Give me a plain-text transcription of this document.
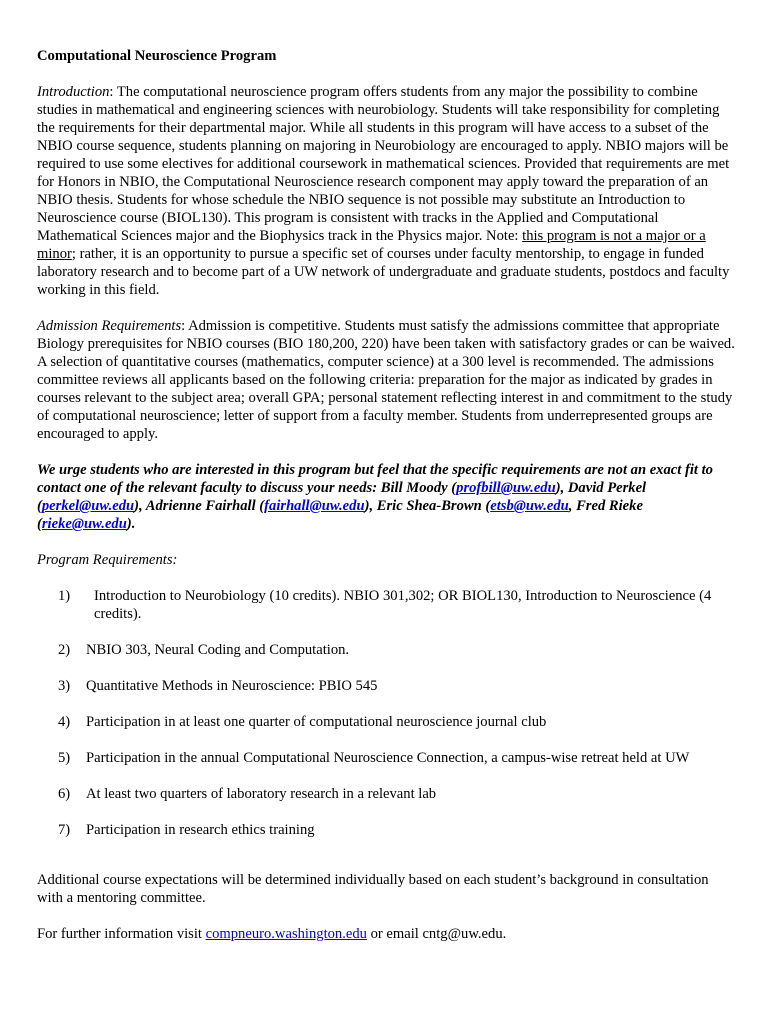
Computational Neuroscience Program

Introduction: The computational neuroscience program offers students from any major the possibility to combine studies in mathematical and engineering sciences with neurobiology. Students will take responsibility for completing the requirements for their departmental major. While all students in this program will have access to a subset of the NBIO course sequence, students planning on majoring in Neurobiology are encouraged to apply. NBIO majors will be required to use some electives for additional coursework in mathematical sciences. Provided that requirements are met for Honors in NBIO, the Computational Neuroscience research component may apply toward the preparation of an NBIO thesis. Students for whose schedule the NBIO sequence is not possible may substitute an Introduction to Neuroscience course (BIOL130). This program is consistent with tracks in the Applied and Computational Mathematical Sciences major and the Biophysics track in the Physics major. Note: this program is not a major or a minor; rather, it is an opportunity to pursue a specific set of courses under faculty mentorship, to engage in funded laboratory research and to become part of a UW network of undergraduate and graduate students, postdocs and faculty working in this field.

Admission Requirements: Admission is competitive. Students must satisfy the admissions committee that appropriate Biology prerequisites for NBIO courses (BIO 180,200, 220) have been taken with satisfactory grades or can be waived. A selection of quantitative courses (mathematics, computer science) at a 300 level is recommended. The admissions committee reviews all applicants based on the following criteria: preparation for the major as indicated by grades in courses relevant to the subject area; overall GPA; personal statement reflecting interest in and commitment to the study of computational neuroscience; letter of support from a faculty member. Students from underrepresented groups are encouraged to apply.

We urge students who are interested in this program but feel that the specific requirements are not an exact fit to contact one of the relevant faculty to discuss your needs: Bill Moody (profbill@uw.edu), David Perkel (perkel@uw.edu), Adrienne Fairhall (fairhall@uw.edu), Eric Shea-Brown (etsb@uw.edu, Fred Rieke (rieke@uw.edu).

Program Requirements:
1) Introduction to Neurobiology (10 credits). NBIO 301,302; OR BIOL130, Introduction to Neuroscience (4 credits).
2) NBIO 303, Neural Coding and Computation.
3) Quantitative Methods in Neuroscience: PBIO 545
4) Participation in at least one quarter of computational neuroscience journal club
5) Participation in the annual Computational Neuroscience Connection, a campus-wise retreat held at UW
6) At least two quarters of laboratory research in a relevant lab
7) Participation in research ethics training

Additional course expectations will be determined individually based on each student’s background in consultation with a mentoring committee.

For further information visit compneuro.washington.edu or email cntg@uw.edu.
